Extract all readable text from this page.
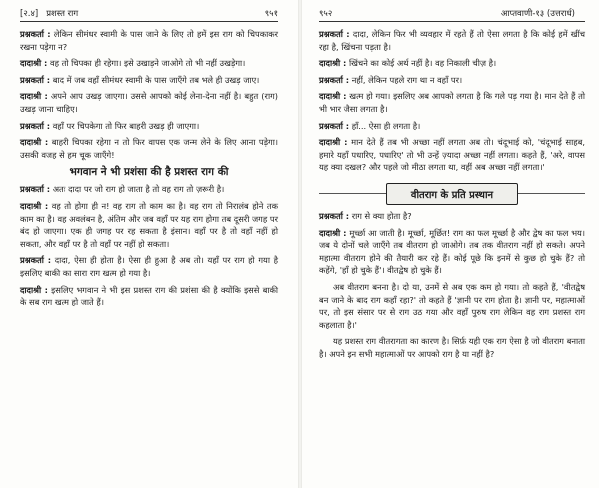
[२.४] प्रशस्त राग	९५१

प्रश्नकर्ता : लेकिन सीमंधर स्वामी के पास जाने के लिए तो हमें इस राग को चिपकाकर रखना पड़ेगा न?

दादाश्री : वह तो चिपका ही रहेगा। इसे उखाड़ने जाओगे तो भी नहीं उखड़ेगा।

प्रश्नकर्ता : बाद में जब वहाँ सीमंधर स्वामी के पास जाएँगे तब भले ही उखड़ जाए।

दादाश्री : अपने आप उखड़ जाएगा। उससे आपको कोई लेना-देना नहीं है। बहुत (राग) उखड़ जाना चाहिए।

प्रश्नकर्ता : वहाँ पर चिपकेगा तो फिर बाहरी उखड़ ही जाएगा।

दादाश्री : बाहरी चिपका रहेगा न तो फिर वापस एक जन्म लेने के लिए आना पड़ेगा। उसकी वजह से हम चूक जाएँगे!

भगवान ने भी प्रशंसा की है प्रशस्त राग की

प्रश्नकर्ता : अतः दादा पर जो राग हो जाता है तो वह राग तो ज़रूरी है।

दादाश्री : वह तो होगा ही न! वह राग तो काम का है। वह राग तो निरालंब होने तक काम का है। वह अवलंबन है, अंतिम और जब वहाँ पर यह राग होगा तब दूसरी जगह पर बंद हो जाएगा। एक ही जगह पर रह सकता है इंसान। वहाँ पर है तो वहाँ नहीं हो सकता, और वहाँ पर है तो वहाँ पर नहीं हो सकता।

प्रश्नकर्ता : दादा, ऐसा ही होता है। ऐसा ही हुआ है अब तो। यहाँ पर राग हो गया है इसलिए बाकी का सारा राग खत्म हो गया है।

दादाश्री : इसलिए भगवान ने भी इस प्रशस्त राग की प्रशंसा की है क्योंकि इससे बाकी के सब राग खत्म हो जाते हैं।

९५२	आप्तवाणी-१३ (उत्तरार्ध)

प्रश्नकर्ता : दादा, लेकिन फिर भी व्यवहार में रहते हैं तो ऐसा लगता है कि कोई हमें खींच रहा है, खिंचना पड़ता है।

दादाश्री : खिंचने का कोई अर्थ नहीं है। वह निकाली चीज़ है।

प्रश्नकर्ता : नहीं, लेकिन पहले राग था न वहाँ पर।

दादाश्री : खत्म हो गया। इसलिए अब आपको लगता है कि गले पड़ गया है। मान देते हैं तो भी भार जैसा लगता है।

प्रश्नकर्ता : हाँ... ऐसा ही लगता है।

दादाश्री : मान देते हैं तब भी अच्छा नहीं लगता अब तो। चंदूभाई को, 'चंदूभाई साहब, हमारे यहाँ पधारिए, पधारिए' तो भी उन्हें ज़्यादा अच्छा नहीं लगता। कहते हैं, 'अरे, वापस यह क्या दखल? और पहले जो मीठा लगता था, वहीं अब अच्छा नहीं लगता।'

वीतराग के प्रति प्रस्थान

प्रश्नकर्ता : राग से क्या होता है?

दादाश्री : मूर्च्छा आ जाती है। मूर्च्छा, मूर्छित! राग का फल मूर्च्छा है और द्वेष का फल भय। जब ये दोनों चले जाएँगे तब वीतराग हो जाओगे। तब तक वीतराग नहीं हो सकते। अपने महात्मा वीतराग होने की तैयारी कर रहे हैं। कोई पूछे कि इनमें से कुछ हो चुके हैं? तो कहेंगे, 'हाँ हो चुके हैं'। वीतद्वेष हो चुके हैं।

अब वीतराग बनना है। दो या, उनमें से अब एक कम हो गया। तो कहते हैं, 'वीतद्वेष बन जाने के बाद राग कहाँ रहा?' तो कहते हैं 'ज्ञानी पर राग होता है। ज्ञानी पर, महात्माओं पर, तो इस संसार पर से राग उठ गया और वहाँ पुरुष राग लेकिन वह राग प्रशस्त राग कहलाता है।'

यह प्रशस्त राग वीतरागता का कारण है। सिर्फ़ यही एक राग ऐसा है जो वीतराग बनाता है। अपने इन सभी महात्माओं पर आपको राग है या नहीं है?
